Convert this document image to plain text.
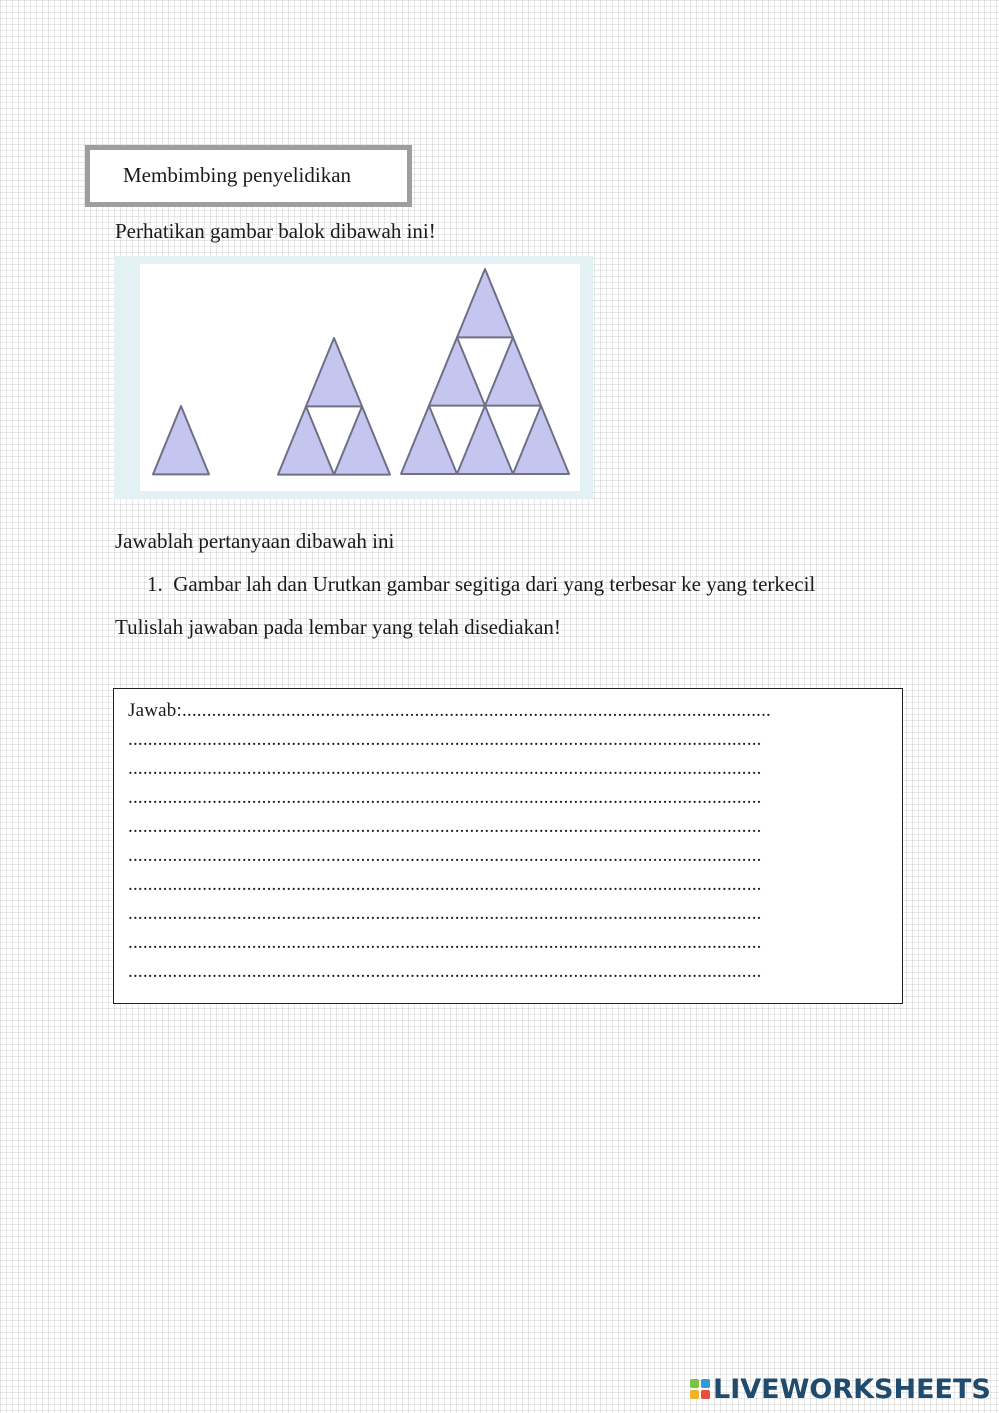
Membimbing penyelidikan
Perhatikan gambar balok dibawah ini!
Jawablah pertanyaan dibawah ini
1. Gambar lah dan Urutkan gambar segitiga dari yang terbesar ke yang terkecil
Tulislah jawaban pada lembar yang telah disediakan!
Jawab:.......................................................................................................................
................................................................................................................................
................................................................................................................................
................................................................................................................................
................................................................................................................................
................................................................................................................................
................................................................................................................................
................................................................................................................................
................................................................................................................................
................................................................................................................................
LIVEWORKSHEETS
